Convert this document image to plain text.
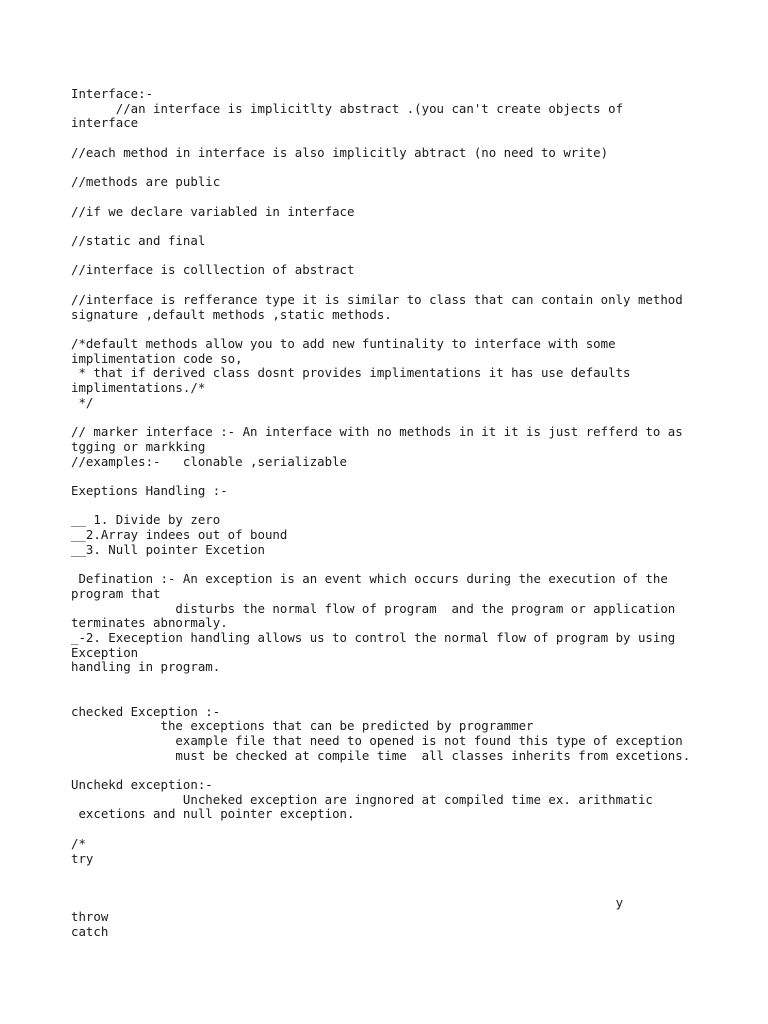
Interface:-
//an interface is implicitlty abstract .(you can't create objects of
interface

//each method in interface is also implicitly abtract (no need to write)

//methods are public

//if we declare variabled in interface

//static and final

//interface is colllection of abstract

//interface is refferance type it is similar to class that can contain only method
signature ,default methods ,static methods.

/*default methods allow you to add new funtinality to interface with some
implimentation code so,
* that if derived class dosnt provides implimentations it has use defaults
implimentations./*
*/

// marker interface :- An interface with no methods in it it is just refferd to as
tgging or markking
//examples:-   clonable ,serializable

Exeptions Handling :-

__ 1. Divide by zero
__2.Array indees out of bound
__3. Null pointer Excetion

Defination :- An exception is an event which occurs during the execution of the
program that
disturbs the normal flow of program  and the program or application
terminates abnormaly.
_-2. Exeception handling allows us to control the normal flow of program by using
Exception
handling in program.

checked Exception :-
the exceptions that can be predicted by programmer
example file that need to opened is not found this type of exception
must be checked at compile time  all classes inherits from excetions.

Unchekd exception:-
Uncheked exception are ingnored at compiled time ex. arithmatic
excetions and null pointer exception.

/*
try

y
throw
catch
